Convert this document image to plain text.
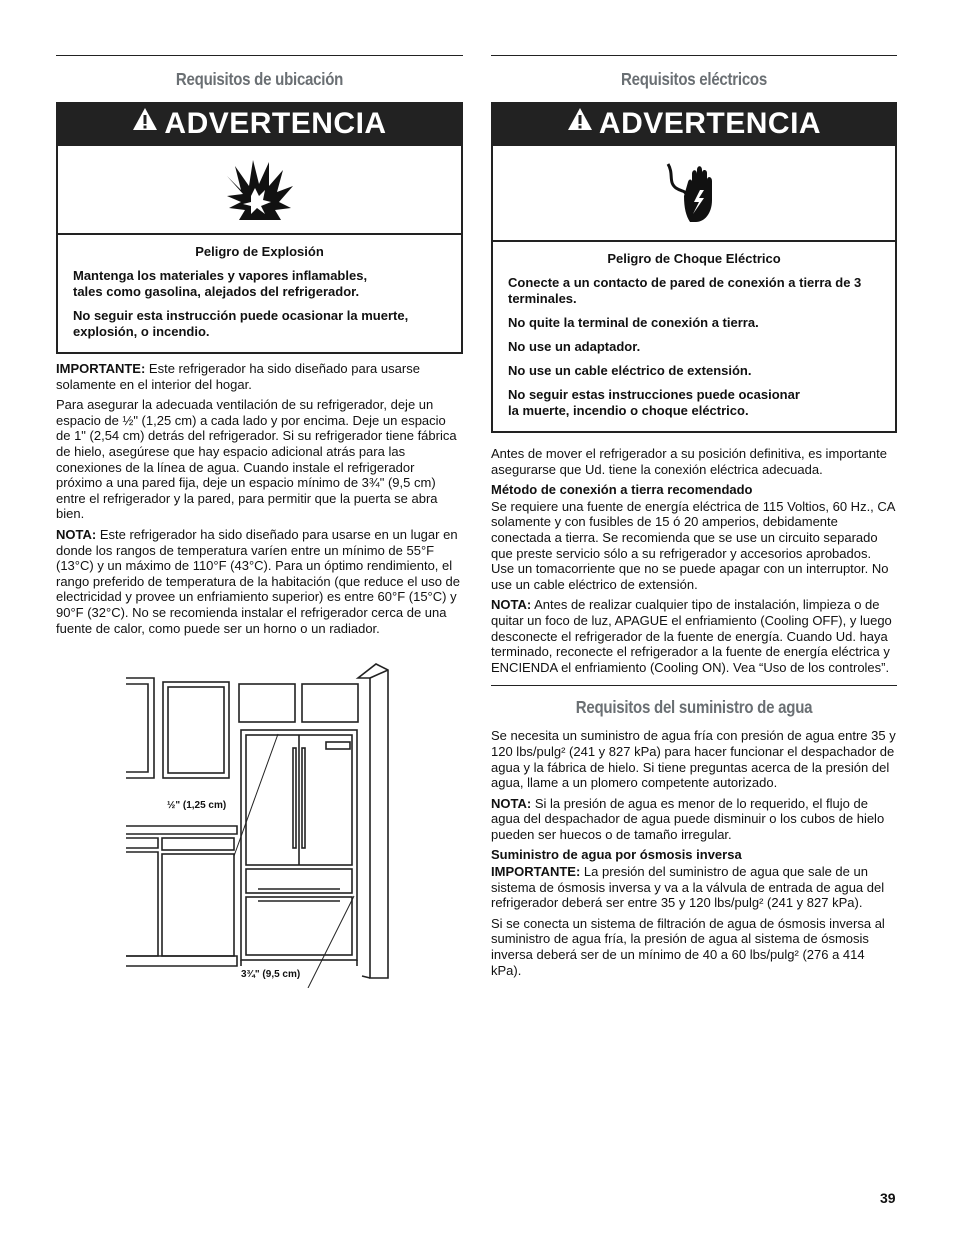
Requisitos de ubicación
ADVERTENCIA

Peligro de Explosión

Mantenga los materiales y vapores inflamables,
tales como gasolina, alejados del refrigerador.

No seguir esta instrucción puede ocasionar la muerte, explosión, o incendio.

IMPORTANTE: Este refrigerador ha sido diseñado para usarse solamente en el interior del hogar.

Para asegurar la adecuada ventilación de su refrigerador, deje un espacio de ½" (1,25 cm) a cada lado y por encima. Deje un espacio de 1" (2,54 cm) detrás del refrigerador. Si su refrigerador tiene fábrica de hielo, asegúrese que hay espacio adicional atrás para las conexiones de la línea de agua. Cuando instale el refrigerador próximo a una pared fija, deje un espacio mínimo de 3¾" (9,5 cm) entre el refrigerador y la pared, para permitir que la puerta se abra bien.

NOTA: Este refrigerador ha sido diseñado para usarse en un lugar en donde los rangos de temperatura varíen entre un mínimo de 55°F (13°C) y un máximo de 110°F (43°C). Para un óptimo rendimiento, el rango preferido de temperatura de la habitación (que reduce el uso de electricidad y provee un enfriamiento superior) es entre 60°F (15°C) y 90°F (32°C). No se recomienda instalar el refrigerador cerca de una fuente de calor, como puede ser un horno o un radiador.

½" (1,25 cm)
3¾" (9,5 cm)
Requisitos eléctricos
ADVERTENCIA

Peligro de Choque Eléctrico

Conecte a un contacto de pared de conexión a tierra de 3 terminales.

No quite la terminal de conexión a tierra.

No use un adaptador.

No use un cable eléctrico de extensión.

No seguir estas instrucciones puede ocasionar
la muerte, incendio o choque eléctrico.

Antes de mover el refrigerador a su posición definitiva, es importante asegurarse que Ud. tiene la conexión eléctrica adecuada.

Método de conexión a tierra recomendado

Se requiere una fuente de energía eléctrica de 115 Voltios, 60 Hz., CA solamente y con fusibles de 15 ó 20 amperios, debidamente conectada a tierra. Se recomienda que se use un circuito separado que preste servicio sólo a su refrigerador y accesorios aprobados. Use un tomacorriente que no se puede apagar con un interruptor. No use un cable eléctrico de extensión.

NOTA: Antes de realizar cualquier tipo de instalación, limpieza o de quitar un foco de luz, APAGUE el enfriamiento (Cooling OFF), y luego desconecte el refrigerador de la fuente de energía. Cuando Ud. haya terminado, reconecte el refrigerador a la fuente de energía eléctrica y ENCIENDA el enfriamiento (Cooling ON). Vea “Uso de los controles”.

Requisitos del suministro de agua

Se necesita un suministro de agua fría con presión de agua entre 35 y 120 lbs/pulg² (241 y 827 kPa) para hacer funcionar el despachador de agua y la fábrica de hielo. Si tiene preguntas acerca de la presión del agua, llame a un plomero competente autorizado.

NOTA: Si la presión de agua es menor de lo requerido, el flujo de agua del despachador de agua puede disminuir o los cubos de hielo pueden ser huecos o de tamaño irregular.

Suministro de agua por ósmosis inversa

IMPORTANTE: La presión del suministro de agua que sale de un sistema de ósmosis inversa y va a la válvula de entrada de agua del refrigerador deberá ser entre 35 y 120 lbs/pulg² (241 y 827 kPa).

Si se conecta un sistema de filtración de agua de ósmosis inversa al suministro de agua fría, la presión de agua al sistema de ósmosis inversa deberá ser de un mínimo de 40 a 60 lbs/pulg² (276 a 414 kPa).

39
